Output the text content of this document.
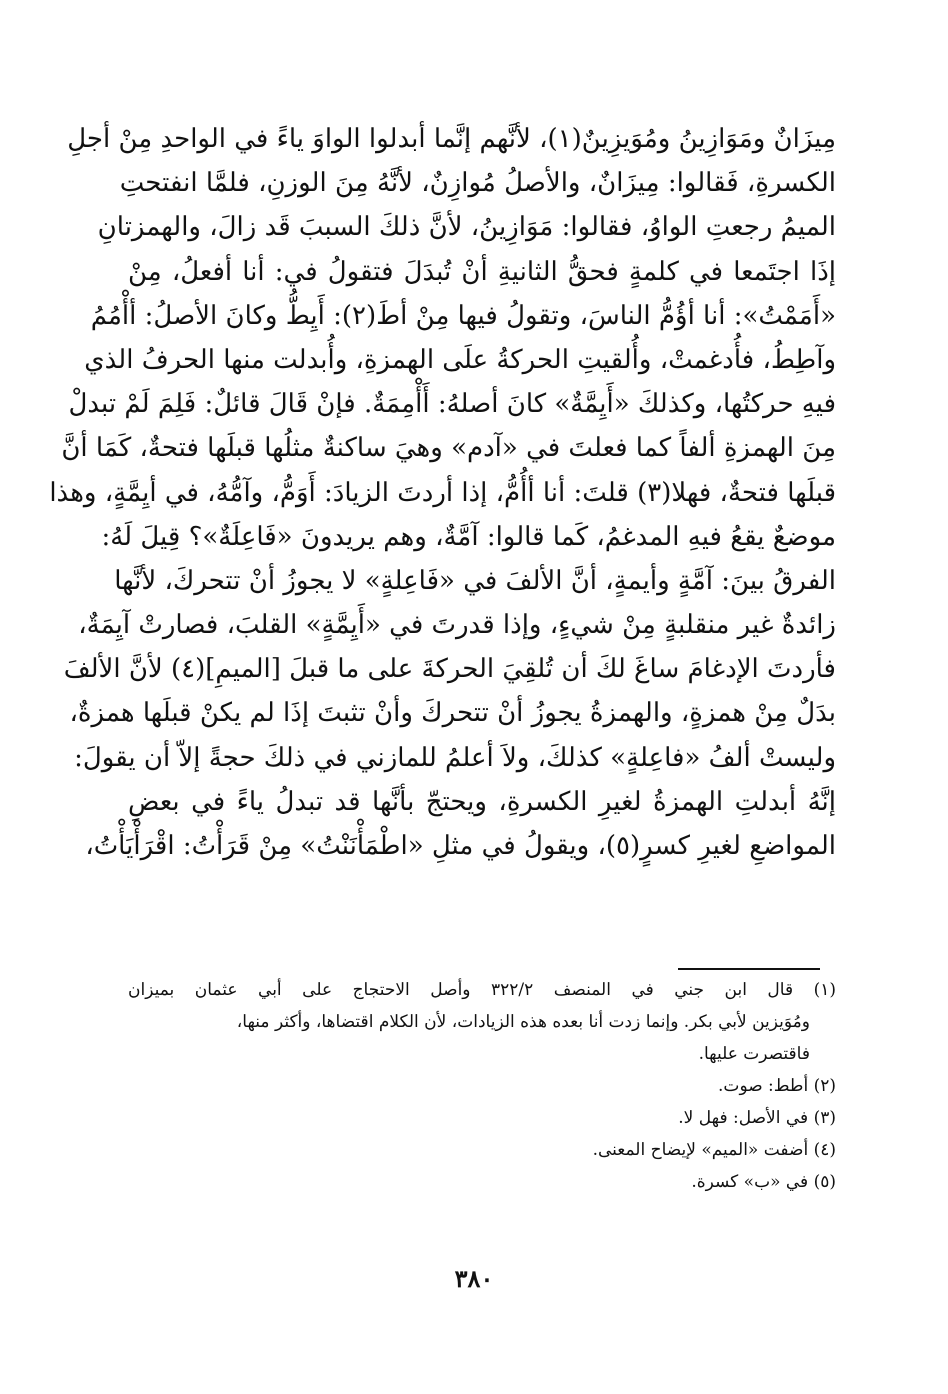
مِيزَانٌ ومَوَازِينُ ومُوَيزِينٌ(١)، لأنَّهم إنَّما أبدلوا الواوَ ياءً في الواحدِ مِنْ أجلِ
الكسرةِ، فَقالوا: مِيزَانٌ، والأصلُ مُوازِنٌ، لأنَّهُ مِنَ الوزنِ، فلمَّا انفتحتِ
الميمُ رجعتِ الواوُ، فقالوا: مَوَازِينُ، لأنَّ ذلكَ السببَ قَد زالَ، والهمزتانِ
إذَا اجتَمعا في كلمةٍ فحقُّ الثانيةِ أنْ تُبدَلَ فتقولُ في: أنا أفعلُ، مِنْ
«أَمَمْتُ»: أنا أؤُمُّ الناسَ، وتقولُ فيها مِنْ أطَ(٢): أَيِطُّ وكانَ الأصلُ: أأْمُمُ
وآطِطُ، فأُدغمتْ، وأُلقيتِ الحركةُ علَى الهمزةِ، وأُبدلت منها الحرفُ الذي
فيهِ حركتُها، وكذلكَ «أَيِمَّةٌ» كانَ أصلهُ: أَأْمِمَةٌ. فإنْ قَالَ قائلٌ: فَلِمَ لَمْ تبدلْ
مِنَ الهمزةِ ألفاً كما فعلتَ في «آدم» وهيَ ساكنةٌ مثلُها قبلَها فتحةٌ، كَمَا أنَّ
قبلَها فتحةٌ، فهلا(٣) قلتَ: أنا أأُمُّ، إذا أردتَ الزيادَ: أَوَمُّ، وآمُّهُ، في أيِمَّةٍ، وهذا
موضعٌ يقعُ فيهِ المدغمُ، كَما قالوا: آمَّةٌ، وهم يريدونَ «فَاعِلَةٌ»؟ قِيلَ لَهُ:
الفرقُ بينَ: آمَّةٍ وأيمةٍ، أنَّ الألفَ في «فَاعِلةٍ» لا يجوزُ أنْ تتحركَ، لأنَّها
زائدةٌ غير منقلبةٍ مِنْ شيءٍ، وإذا قدرتَ في «أَيِمَّةٍ» القلبَ، فصارتْ آيِمَةٌ،
فأردتَ الإدغامَ ساغَ لكَ أن تُلقِيَ الحركةَ على ما قبلَ [الميمِ](٤) لأنَّ الألفَ
بدَلٌ مِنْ همزةٍ، والهمزةُ يجوزُ أنْ تتحركَ وأنْ تثبتَ إذَا لم يكنْ قبلَها همزةٌ،
وليستْ ألفُ «فاعِلةٍ» كذلكَ، ولاَ أعلمُ للمازني في ذلكَ حجةً إلاّ أن يقولَ:
إنَّهُ أبدلتِ الهمزةُ لغيرِ الكسرةِ، ويحتجّ بأنَّها قد تبدلُ ياءً في بعضِ
المواضعِ لغيرِ كسرٍ(٥)، ويقولُ في مثلِ «اطْمَأْنَنْتُ» مِنْ قَرَأْتُ: اقْرَأْيَأْتُ،
(١) قال ابن جني في المنصف ٣٢٢/٢ وأصل الاحتجاج على أبي عثمان بميزان
ومُوَيزين لأبي بكر. وإنما زدت أنا بعده هذه الزيادات، لأن الكلام اقتضاها، وأكثر منها،
فاقتصرت عليها.
(٢) أطط: صوت.
(٣) في الأصل: فهل لا.
(٤) أضفت «الميم» لإيضاح المعنى.
(٥) في «ب» كسرة.
٣٨٠
